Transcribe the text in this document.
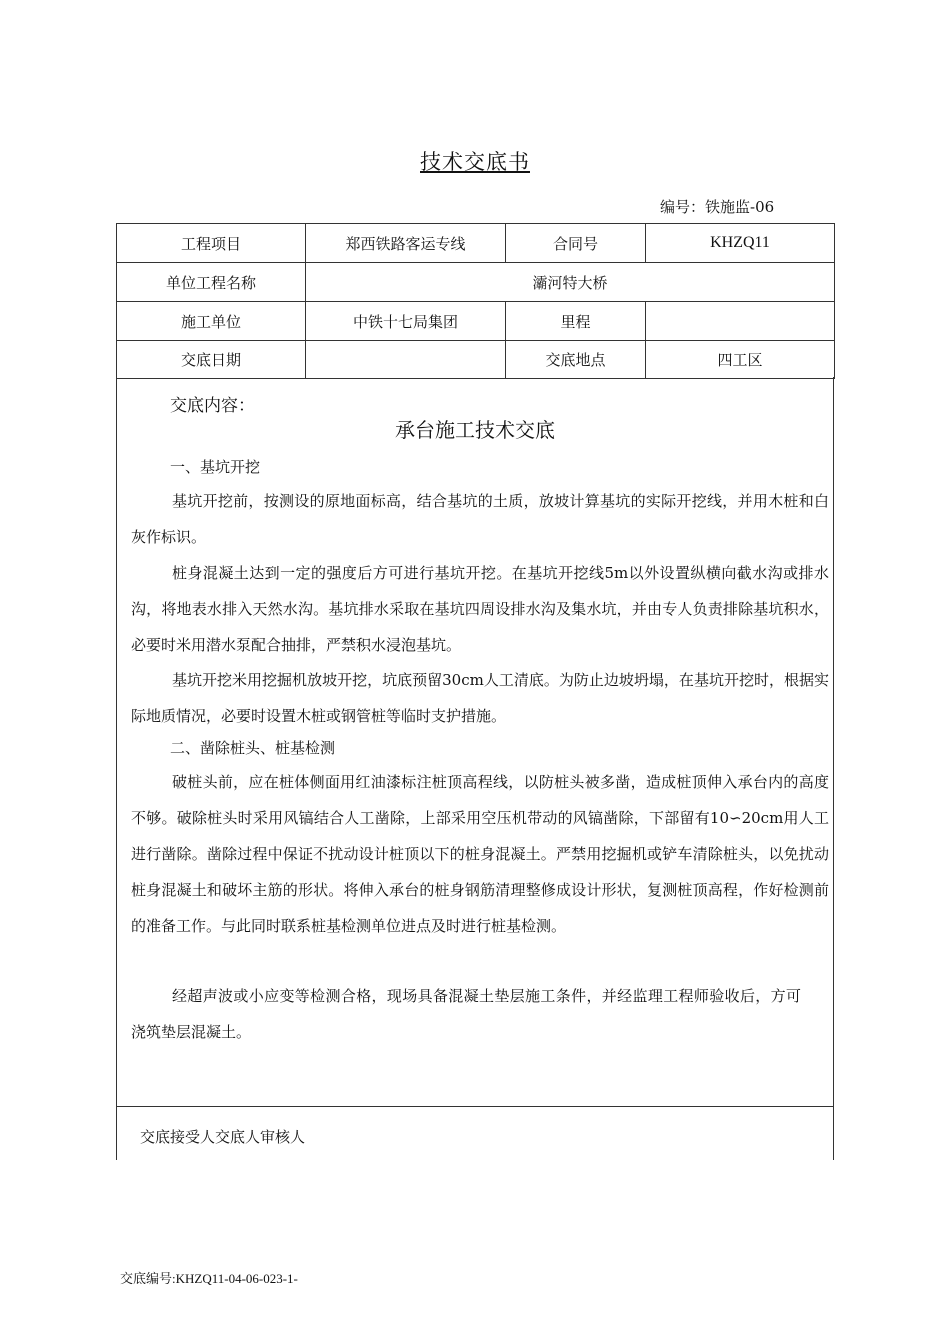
技术交底书
编号：铁施监-06
工程项目	郑西铁路客运专线	合同号	KHZQ11
单位工程名称	灞河特大桥		
施工单位	中铁十七局集团	里程	
交底日期		交底地点	四工区
交底内容：
承台施工技术交底
一、基坑开挖

基坑开挖前，按测设的原地面标高，结合基坑的土质，放坡计算基坑的实际开挖线，并用木桩和白灰作标识。

桩身混凝土达到一定的强度后方可进行基坑开挖。在基坑开挖线5m以外设置纵横向截水沟或排水沟，将地表水排入天然水沟。基坑排水采取在基坑四周设排水沟及集水坑，并由专人负责排除基坑积水，必要时米用潜水泵配合抽排，严禁积水浸泡基坑。

基坑开挖米用挖掘机放坡开挖，坑底预留30cm人工清底。为防止边坡坍塌，在基坑开挖时，根据实际地质情况，必要时设置木桩或钢管桩等临时支护措施。

二、凿除桩头、桩基检测

破桩头前，应在桩体侧面用红油漆标注桩顶高程线，以防桩头被多凿，造成桩顶伸入承台内的高度不够。破除桩头时采用风镐结合人工凿除，上部采用空压机带动的风镐凿除，下部留有10∽20cm用人工进行凿除。凿除过程中保证不扰动设计桩顶以下的桩身混凝土。严禁用挖掘机或铲车清除桩头，以免扰动桩身混凝土和破坏主筋的形状。将伸入承台的桩身钢筋清理整修成设计形状，复测桩顶高程，作好检测前的准备工作。与此同时联系桩基检测单位进点及时进行桩基检测。

经超声波或小应变等检测合格，现场具备混凝土垫层施工条件，并经监理工程师验收后，方可浇筑垫层混凝土。

交底接受人交底人审核人
交底编号:KHZQ11-04-06-023-1-
